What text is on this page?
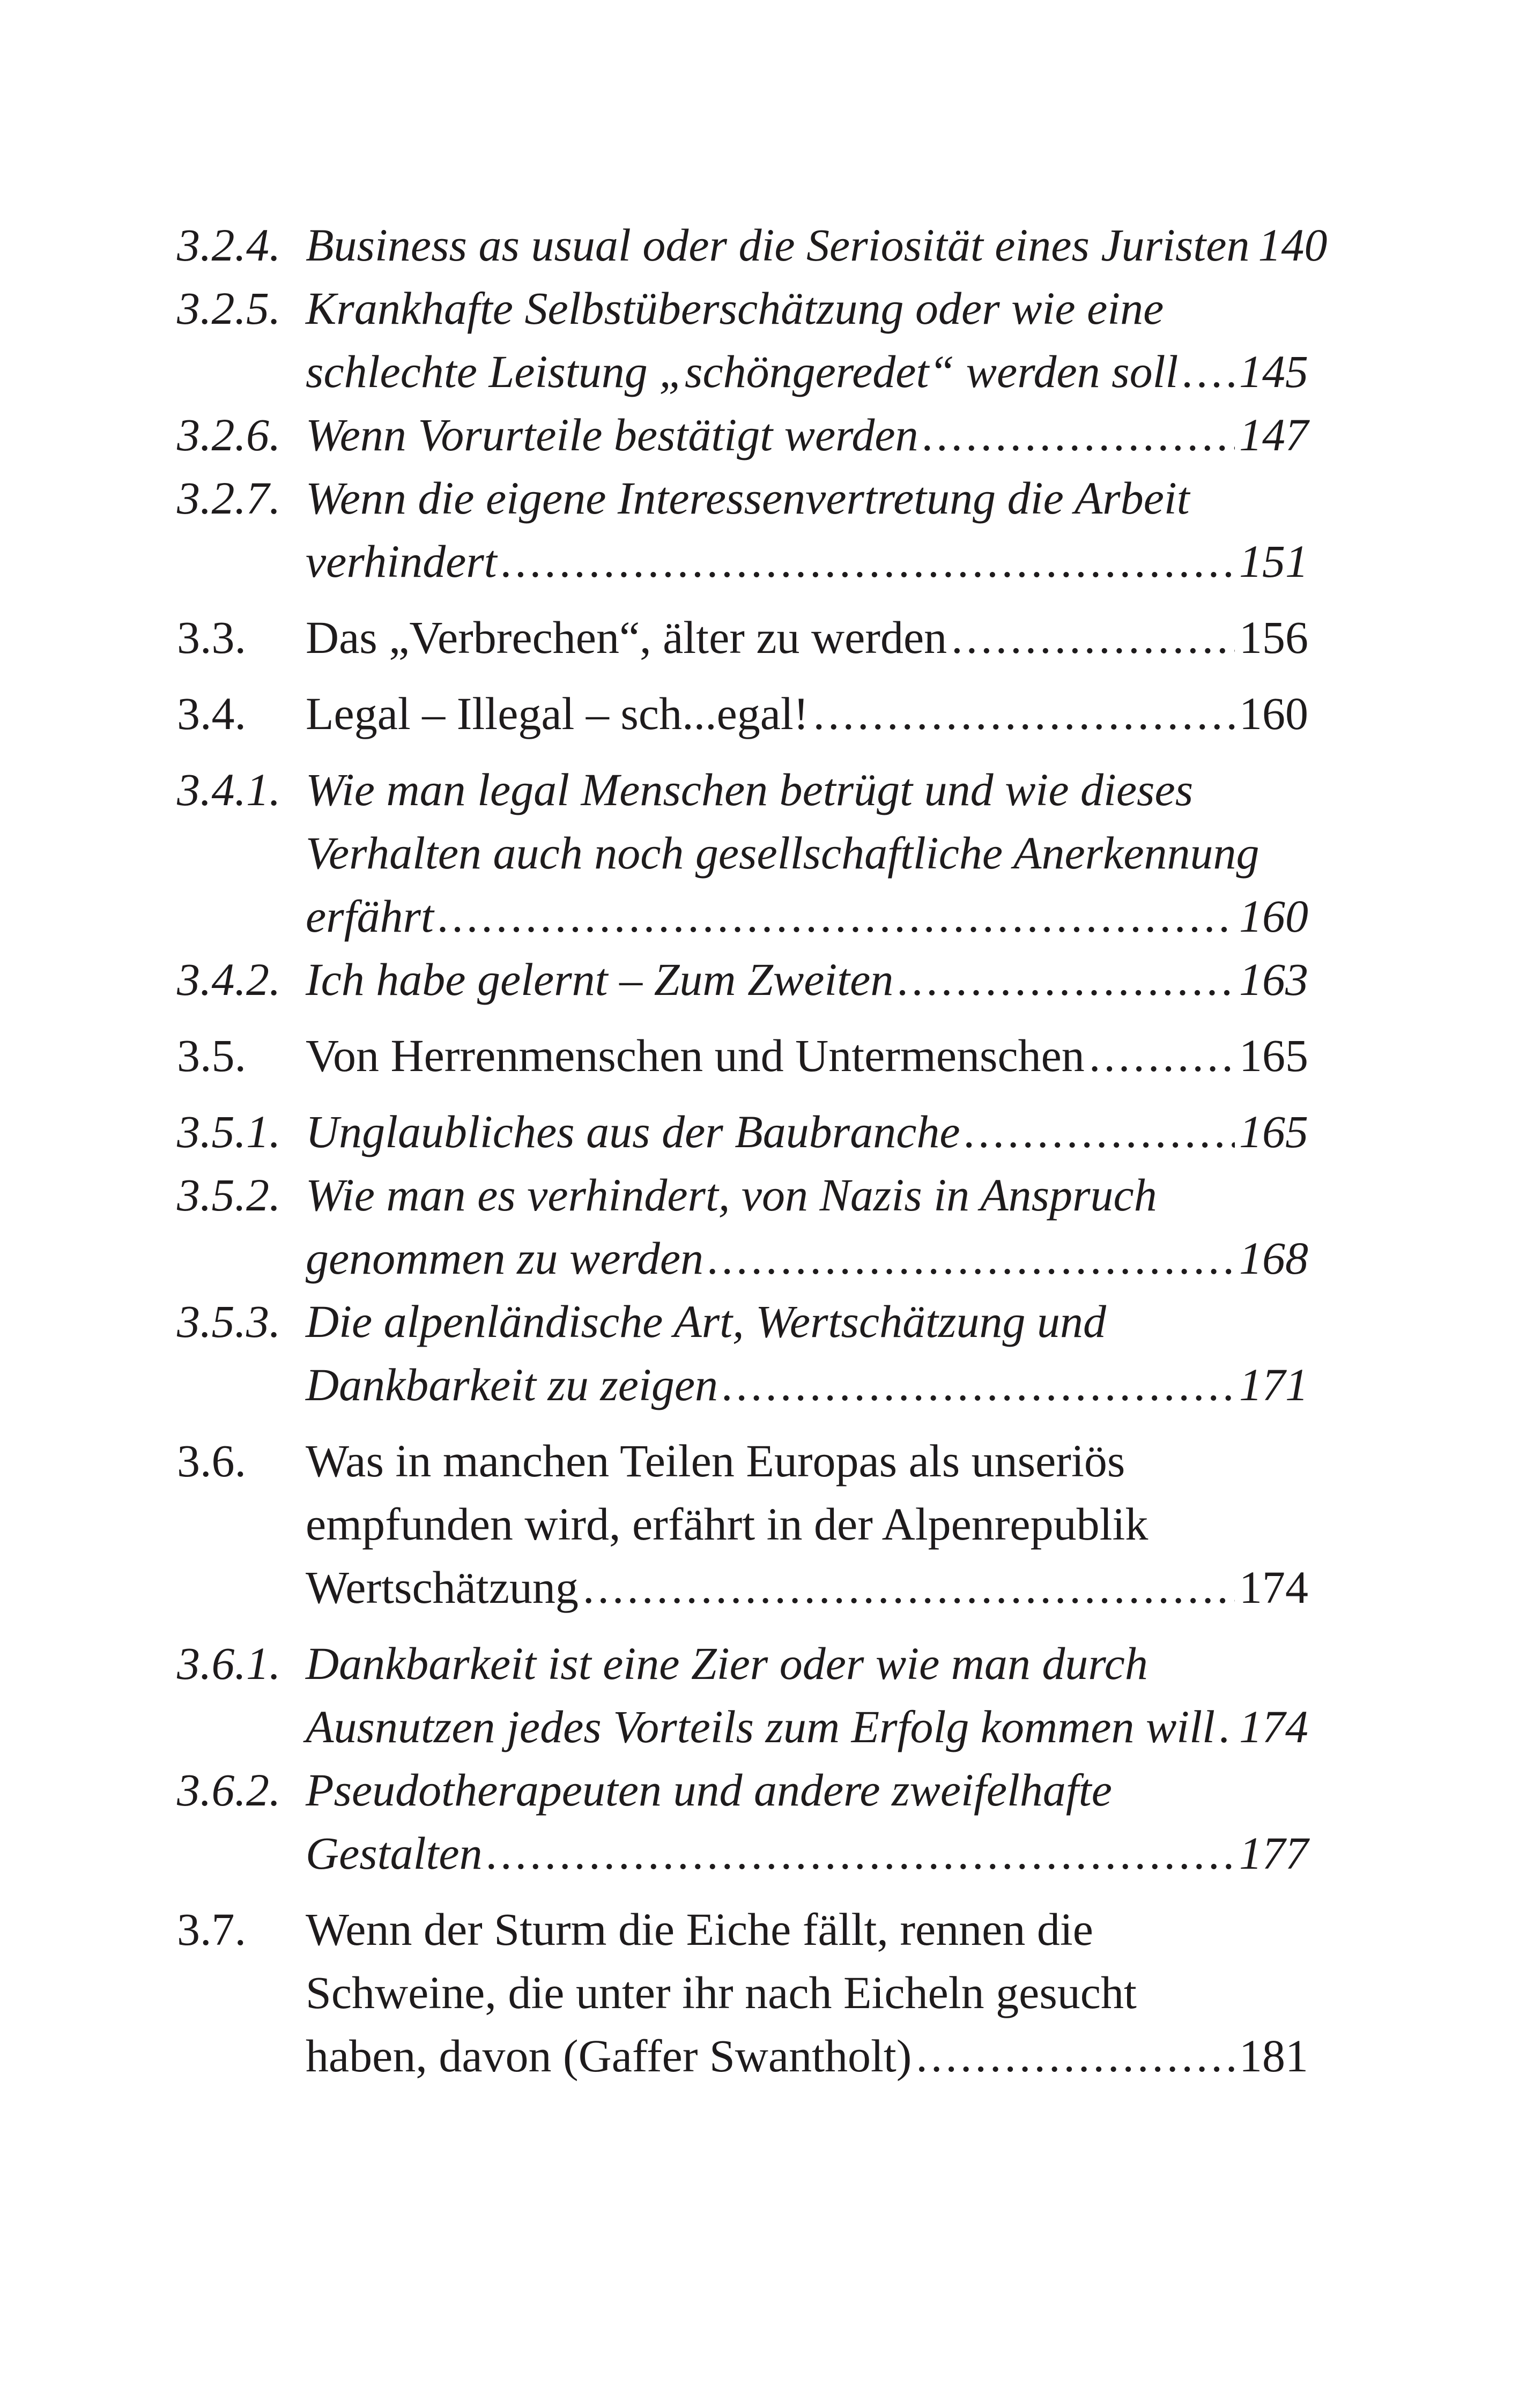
3.2.4. Business as usual oder die Seriosität eines Juristen 140
3.2.5. Krankhafte Selbstüberschätzung oder wie eine
schlechte Leistung „schöngeredet“ werden soll ..... 145
3.2.6. Wenn Vorurteile bestätigt werden .....	147
3.2.7. Wenn die eigene Interessenvertretung die Arbeit
verhindert .....	151
3.3.	Das „Verbrechen“, älter zu werden .....	156
3.4.	Legal – Illegal – sch...egal! .....	160
3.4.1. Wie man legal Menschen betrügt und wie dieses
Verhalten auch noch gesellschaftliche Anerkennung
erfährt .....	160
3.4.2. Ich habe gelernt – Zum Zweiten .....	163
3.5.	Von Herrenmenschen und Untermenschen .....	165
3.5.1. Unglaubliches aus der Baubranche .....	165
3.5.2. Wie man es verhindert, von Nazis in Anspruch
genommen zu werden .....	168
3.5.3. Die alpenländische Art, Wertschätzung und
Dankbarkeit zu zeigen .....	171
3.6.	Was in manchen Teilen Europas als unseriös
empfunden wird, erfährt in der Alpenrepublik
Wertschätzung .....	174
3.6.1. Dankbarkeit ist eine Zier oder wie man durch
Ausnutzen jedes Vorteils zum Erfolg kommen will ..... 174
3.6.2. Pseudotherapeuten und andere zweifelhafte
Gestalten .....	177
3.7.	Wenn der Sturm die Eiche fällt, rennen die
Schweine, die unter ihr nach Eicheln gesucht
haben, davon (Gaffer Swantholt) .....	181
